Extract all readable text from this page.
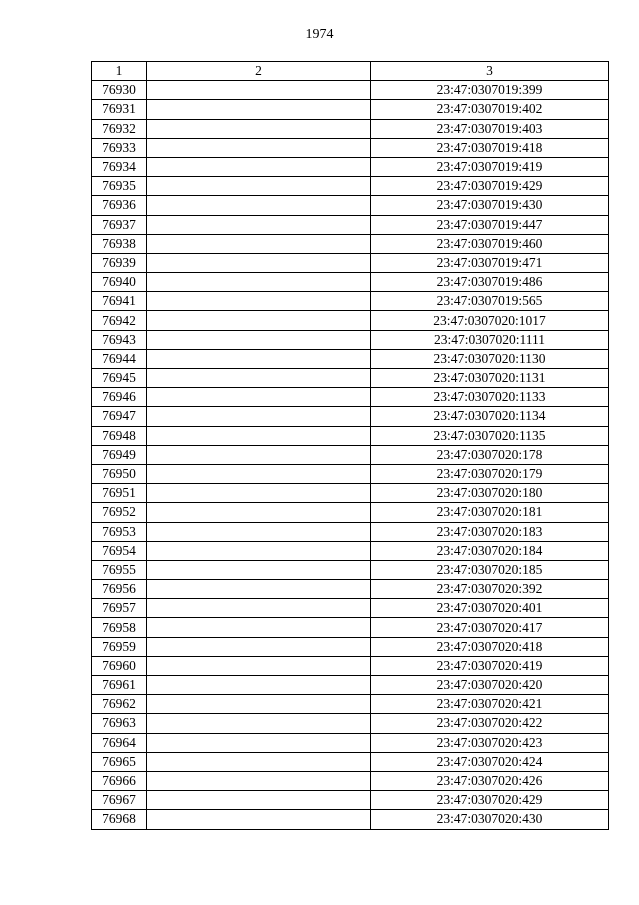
1974
1	2	3
76930		23:47:0307019:399
76931		23:47:0307019:402
76932		23:47:0307019:403
76933		23:47:0307019:418
76934		23:47:0307019:419
76935		23:47:0307019:429
76936		23:47:0307019:430
76937		23:47:0307019:447
76938		23:47:0307019:460
76939		23:47:0307019:471
76940		23:47:0307019:486
76941		23:47:0307019:565
76942		23:47:0307020:1017
76943		23:47:0307020:1111
76944		23:47:0307020:1130
76945		23:47:0307020:1131
76946		23:47:0307020:1133
76947		23:47:0307020:1134
76948		23:47:0307020:1135
76949		23:47:0307020:178
76950		23:47:0307020:179
76951		23:47:0307020:180
76952		23:47:0307020:181
76953		23:47:0307020:183
76954		23:47:0307020:184
76955		23:47:0307020:185
76956		23:47:0307020:392
76957		23:47:0307020:401
76958		23:47:0307020:417
76959		23:47:0307020:418
76960		23:47:0307020:419
76961		23:47:0307020:420
76962		23:47:0307020:421
76963		23:47:0307020:422
76964		23:47:0307020:423
76965		23:47:0307020:424
76966		23:47:0307020:426
76967		23:47:0307020:429
76968		23:47:0307020:430
